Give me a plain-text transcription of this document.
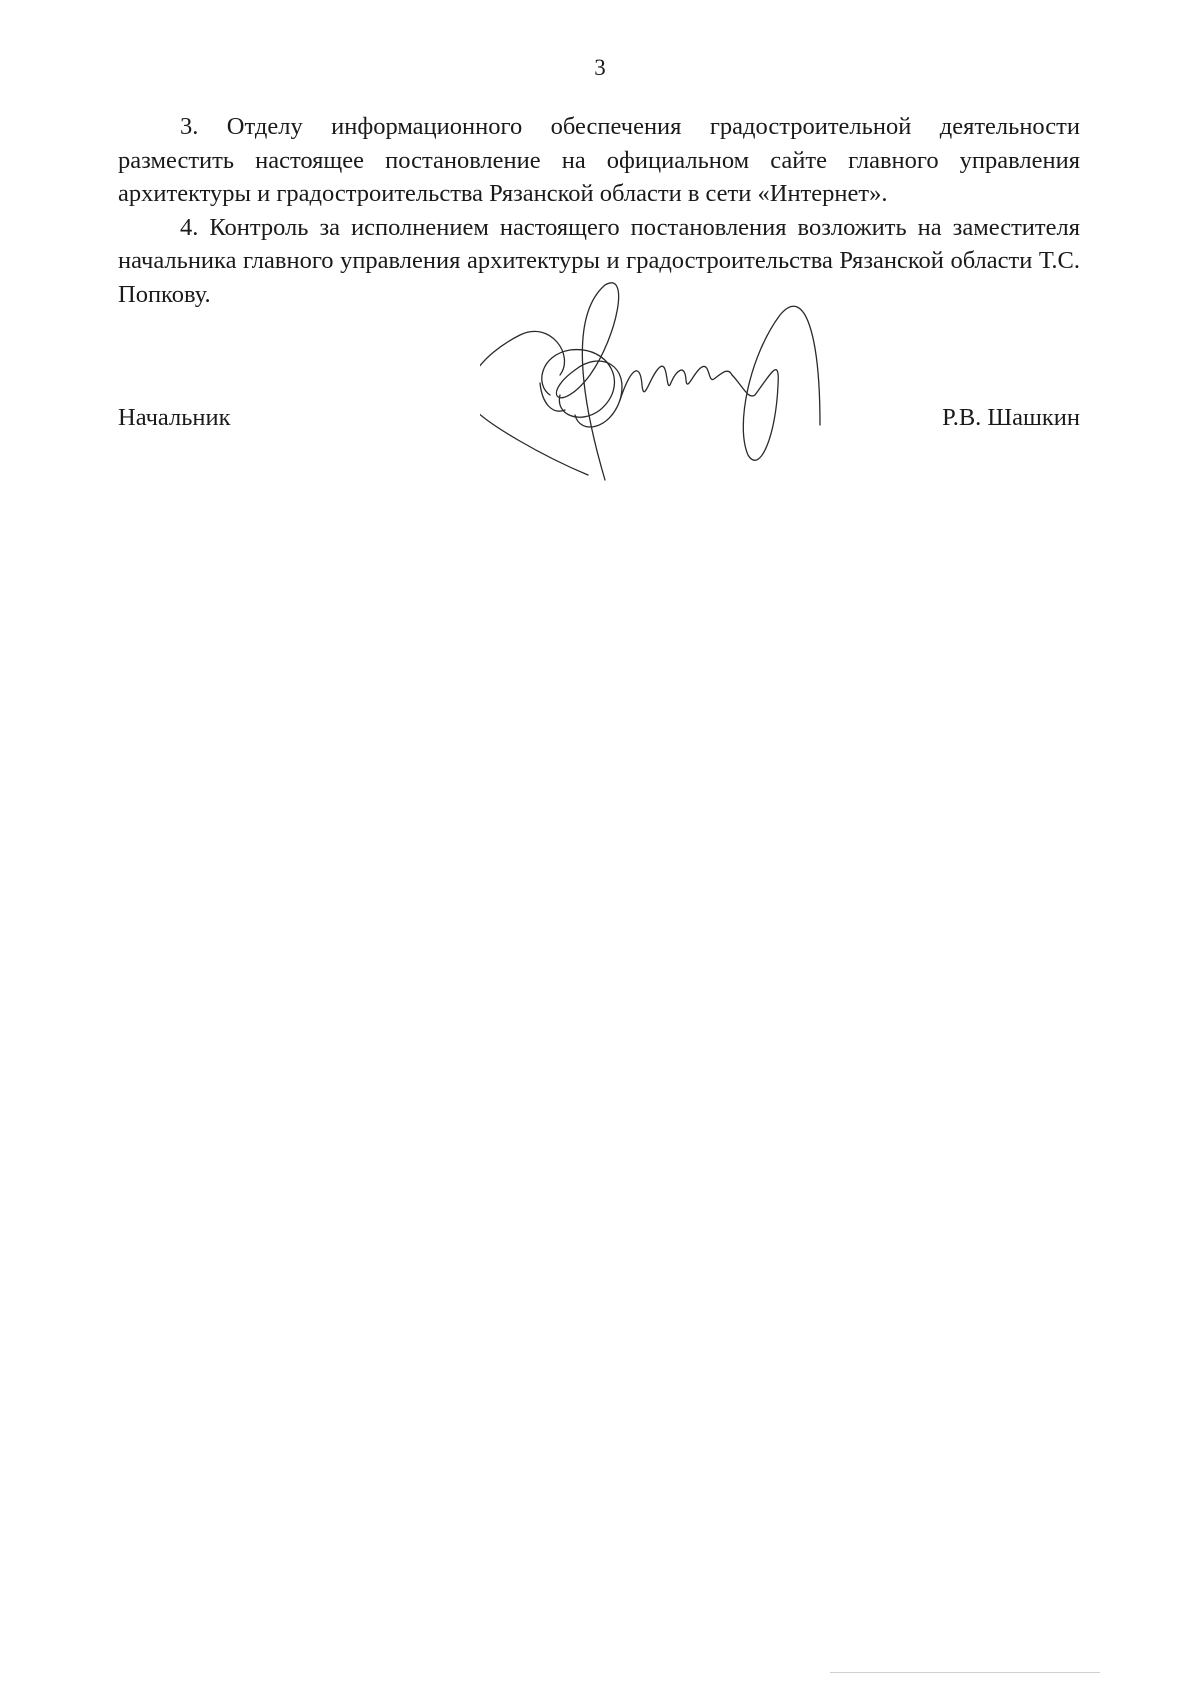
3

3. Отделу информационного обеспечения градостроительной деятельности разместить настоящее постановление на официальном сайте главного управления архитектуры и градостроительства Рязанской области в сети «Интернет».

4. Контроль за исполнением настоящего постановления возложить на заместителя начальника главного управления архитектуры и градостроительства Рязанской области Т.С. Попкову.

Начальник	Р.В. Шашкин
